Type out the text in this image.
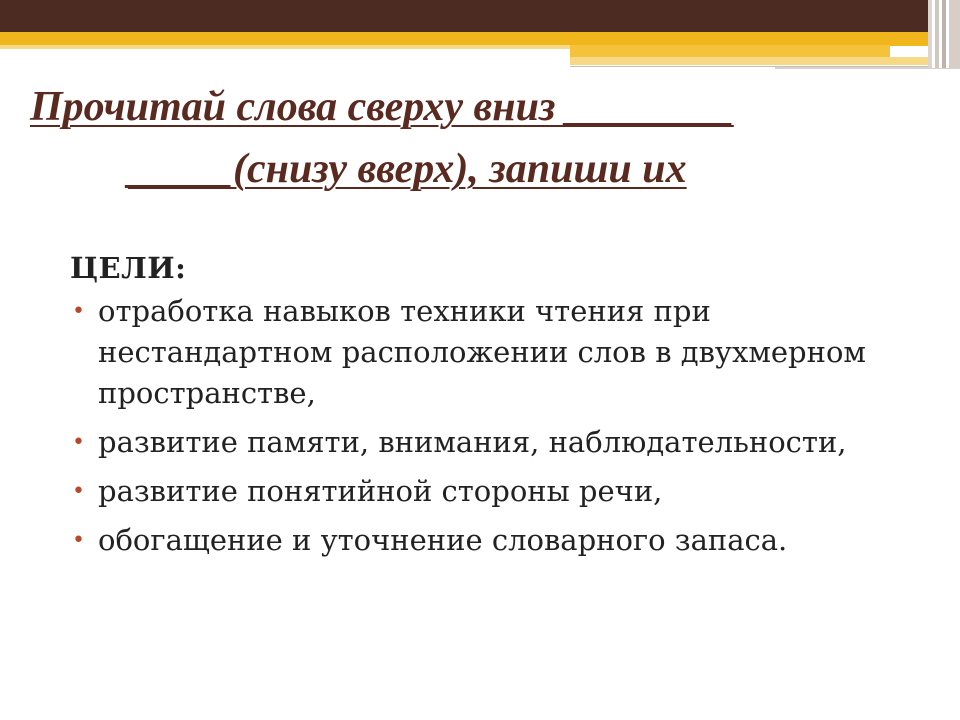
Прочитай слова сверху вниз ________
_____(снизу вверх), запиши их
ЦЕЛИ:
• отработка навыков техники чтения при нестандартном расположении слов в двухмерном пространстве,
• развитие памяти, внимания, наблюдательности,
• развитие понятийной стороны речи,
• обогащение и уточнение словарного запаса.
